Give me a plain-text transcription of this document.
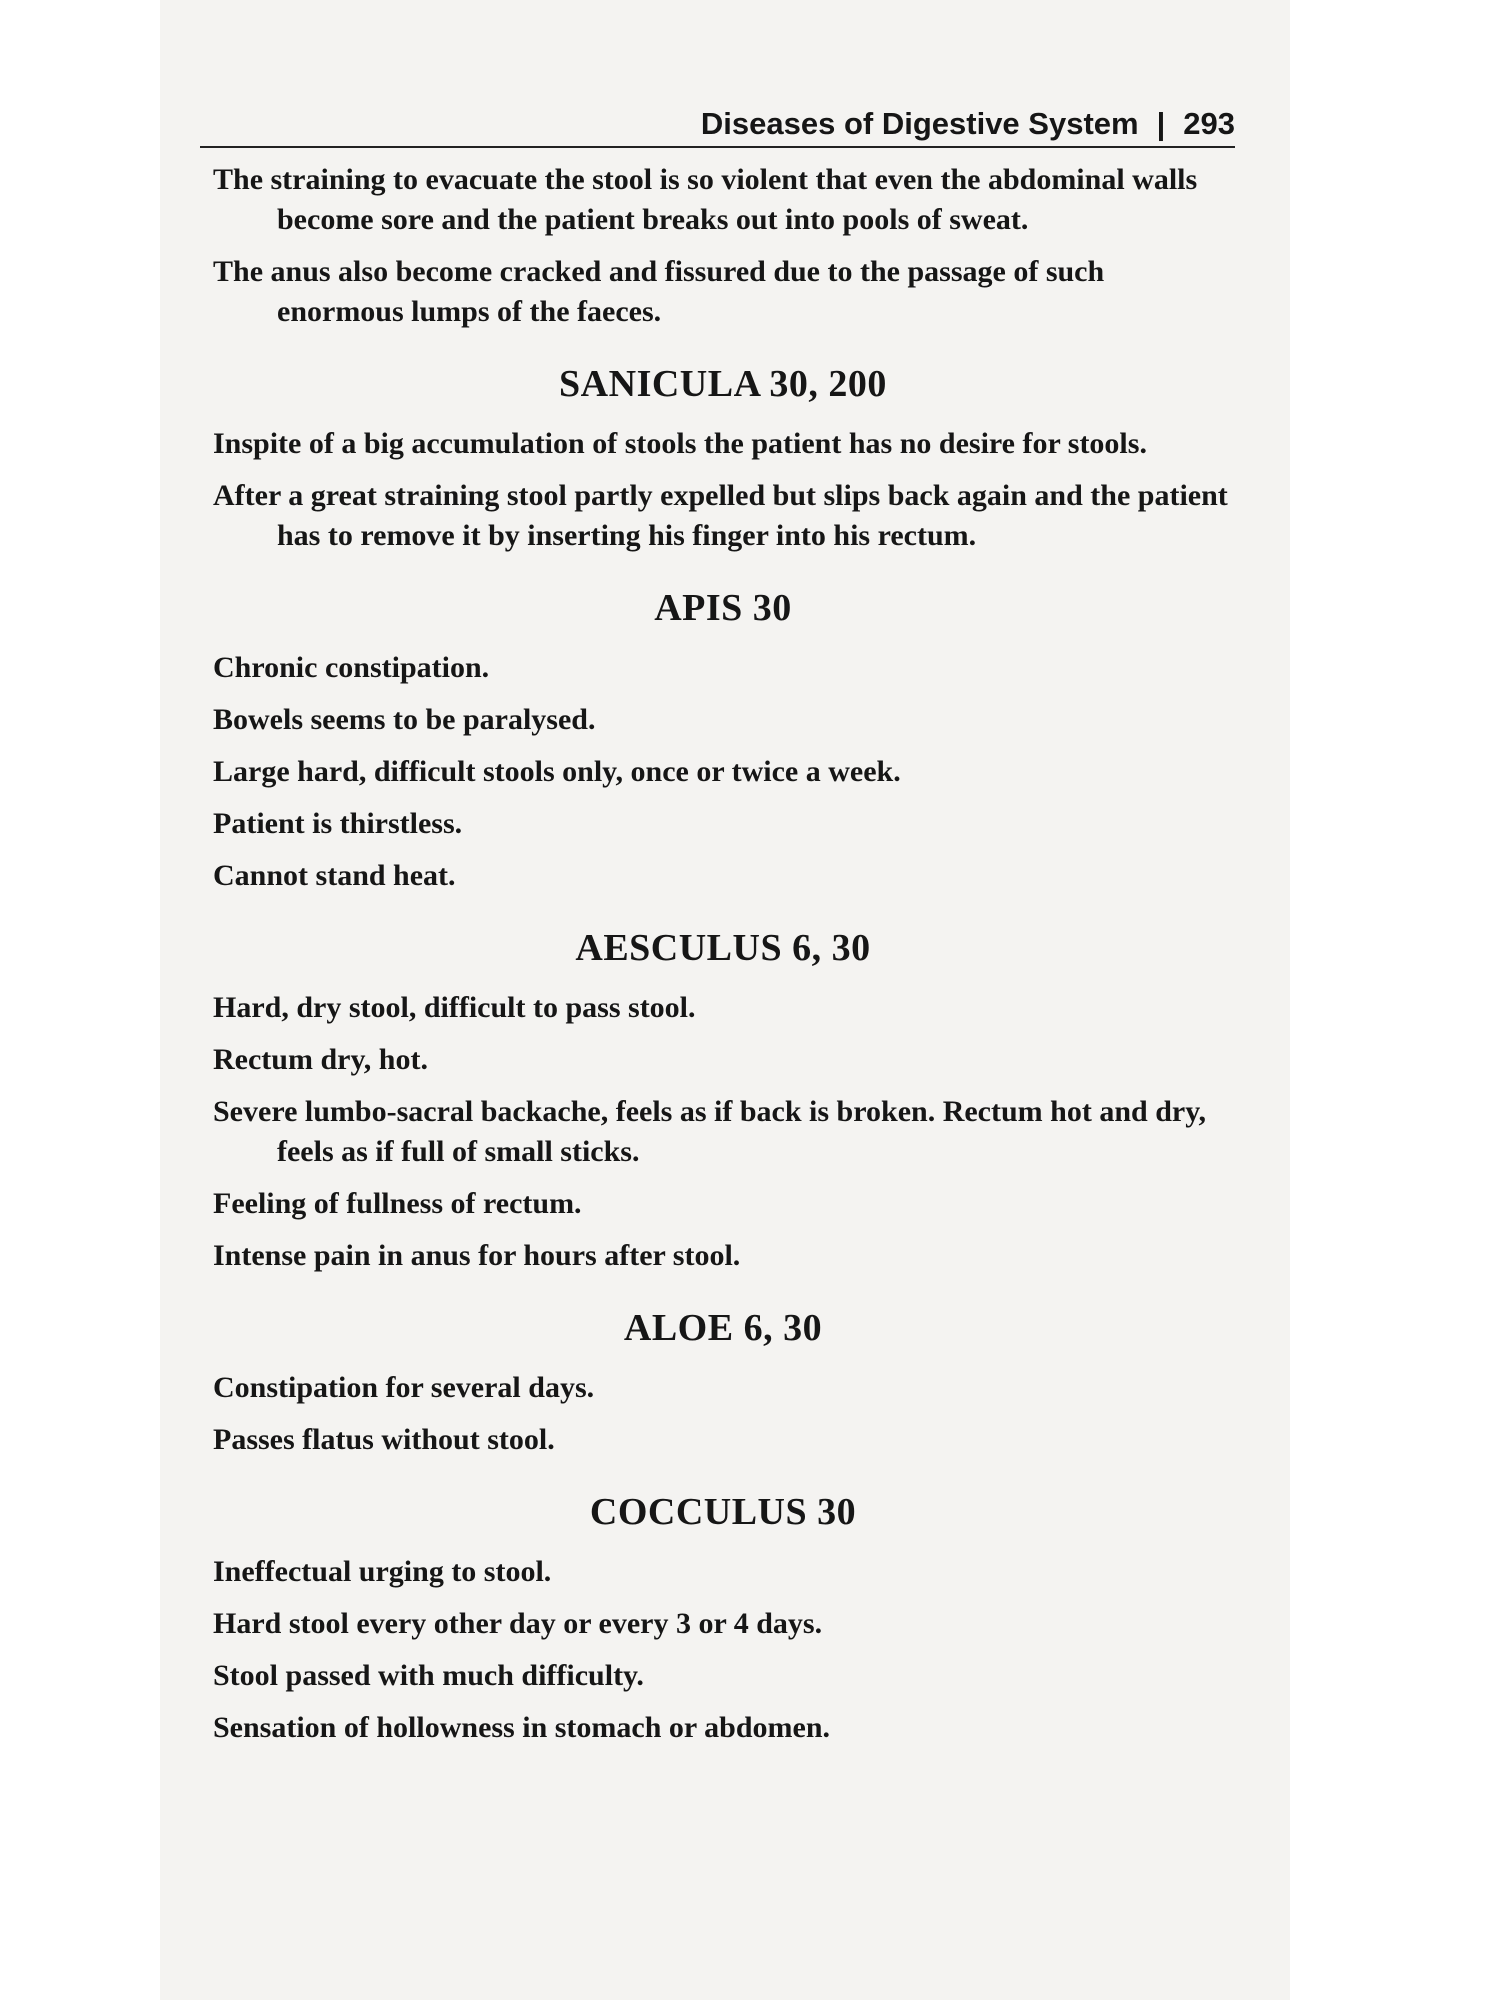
Diseases of Digestive System | 293
The straining to evacuate the stool is so violent that even the abdominal walls become sore and the patient breaks out into pools of sweat.
The anus also become cracked and fissured due to the passage of such enormous lumps of the faeces.
SANICULA 30, 200
Inspite of a big accumulation of stools the patient has no desire for stools.
After a great straining stool partly expelled but slips back again and the patient has to remove it by inserting his finger into his rectum.
APIS 30
Chronic constipation.
Bowels seems to be paralysed.
Large hard, difficult stools only, once or twice a week.
Patient is thirstless.
Cannot stand heat.
AESCULUS 6, 30
Hard, dry stool, difficult to pass stool.
Rectum dry, hot.
Severe lumbo-sacral backache, feels as if back is broken. Rectum hot and dry, feels as if full of small sticks.
Feeling of fullness of rectum.
Intense pain in anus for hours after stool.
ALOE 6, 30
Constipation for several days.
Passes flatus without stool.
COCCULUS 30
Ineffectual urging to stool.
Hard stool every other day or every 3 or 4 days.
Stool passed with much difficulty.
Sensation of hollowness in stomach or abdomen.
